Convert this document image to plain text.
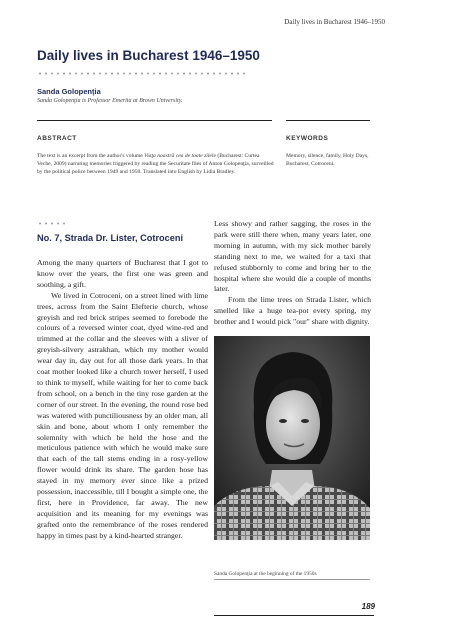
Daily lives in Bucharest 1946–1950
Daily lives in Bucharest 1946–1950
Sanda Golopenţia
Sanda Golopenţia is Professor Emerita at Brown University.
ABSTRACT	KEYWORDS
The text is an excerpt from the author's volume Viaţa noastră cea de toate zilele (Bucharest: Curtea Veche, 2009) narrating memories triggered by reading the Securitate files of Anton Golopenţia, surveilled by the political police between 1949 and 1950. Translated into English by Lidia Bradley.
Memory, silence, family, Holy Days, Bucharest, Cotroceni.
No. 7, Strada Dr. Lister, Cotroceni

Among the many quarters of Bucharest that I got to know over the years, the first one was green and soothing, a gift.

We lived in Cotroceni, on a street lined with lime trees, across from the Saint Elefterie church, whose greyish and red brick stripes seemed to forebode the colours of a reversed winter coat, dyed wine-red and trimmed at the collar and the sleeves with a sliver of greyish-silvery astrakhan, which my mother would wear day in, day out for all those dark years. In that coat mother looked like a church tower herself, I used to think to myself, while waiting for her to come back from school, on a bench in the tiny rose garden at the corner of our street. In the evening, the round rose bed was watered with punctiliousness by an older man, all skin and bone, about whom I only remember the solemnity with which he held the hose and the meticulous patience with which he would make sure that each of the tall stems ending in a rosy-yellow flower would drink its share. The garden hose has stayed in my memory ever since like a prized possession, inaccessible, till I bought a simple one, the first, here in Providence, far away. The new acquisition and its meaning for my evenings was grafted onto the remembrance of the roses rendered happy in times past by a kind-hearted stranger.

Less showy and rather sagging, the roses in the park were still there when, many years later, one morning in autumn, with my sick mother barely standing next to me, we waited for a taxi that refused stubbornly to come and bring her to the hospital where she would die a couple of months later.

From the lime trees on Strada Lister, which smelled like a huge tea-pot every spring, my brother and I would pick "our" share with dignity.

Sanda Golopenţia at the beginning of the 1950s
189
